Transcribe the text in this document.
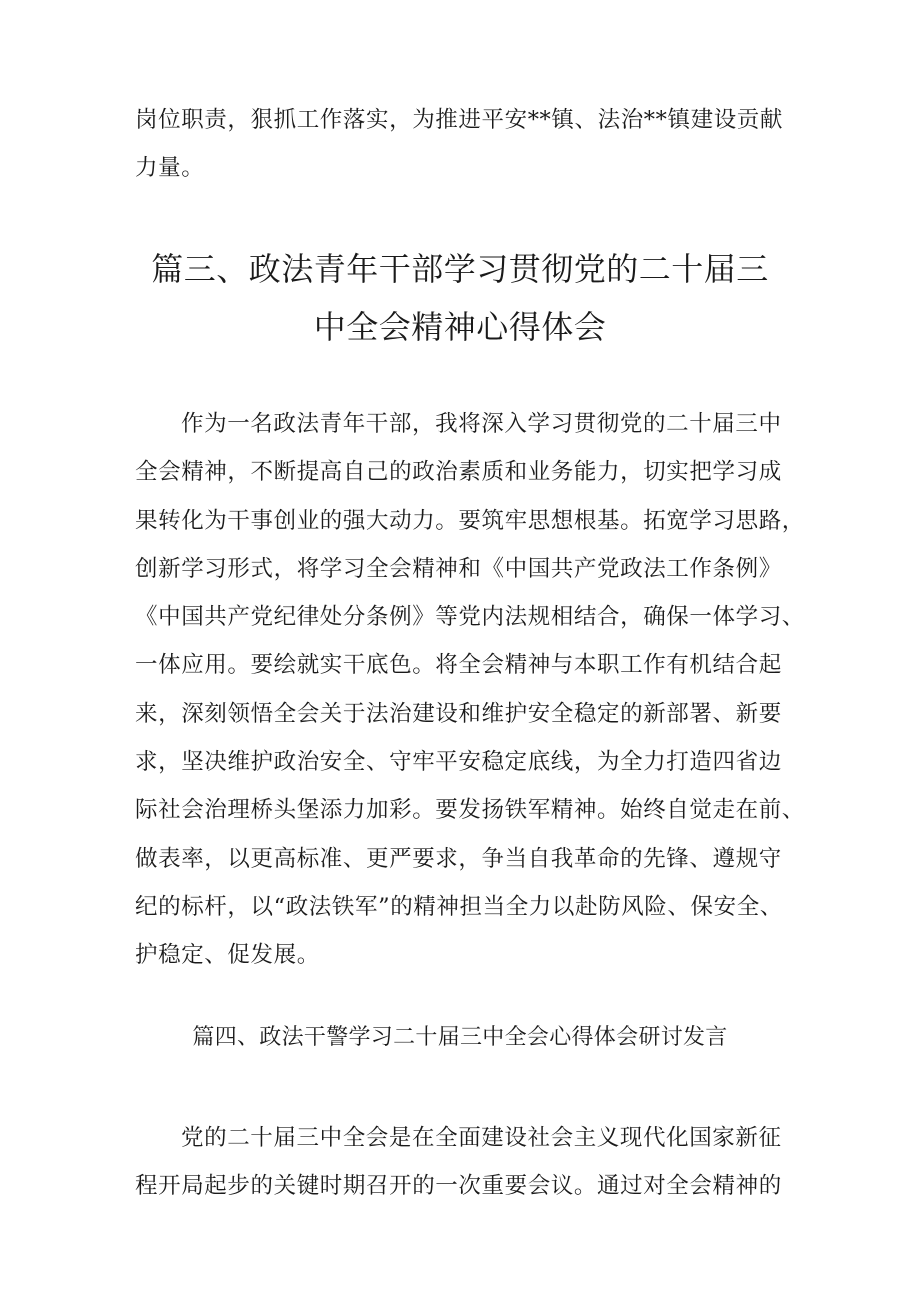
岗位职责，狠抓工作落实，为推进平安**镇、法治**镇建设贡献
力量。

篇三、政法青年干部学习贯彻党的二十届三
中全会精神心得体会

作为一名政法青年干部，我将深入学习贯彻党的二十届三中
全会精神，不断提高自己的政治素质和业务能力，切实把学习成
果转化为干事创业的强大动力。要筑牢思想根基。拓宽学习思路，
创新学习形式，将学习全会精神和《中国共产党政法工作条例》
《中国共产党纪律处分条例》等党内法规相结合，确保一体学习、
一体应用。要绘就实干底色。将全会精神与本职工作有机结合起
来，深刻领悟全会关于法治建设和维护安全稳定的新部署、新要
求，坚决维护政治安全、守牢平安稳定底线，为全力打造四省边
际社会治理桥头堡添力加彩。要发扬铁军精神。始终自觉走在前、
做表率，以更高标准、更严要求，争当自我革命的先锋、遵规守
纪的标杆，以“政法铁军”的精神担当全力以赴防风险、保安全、
护稳定、促发展。

篇四、政法干警学习二十届三中全会心得体会研讨发言

党的二十届三中全会是在全面建设社会主义现代化国家新征
程开局起步的关键时期召开的一次重要会议。通过对全会精神的
